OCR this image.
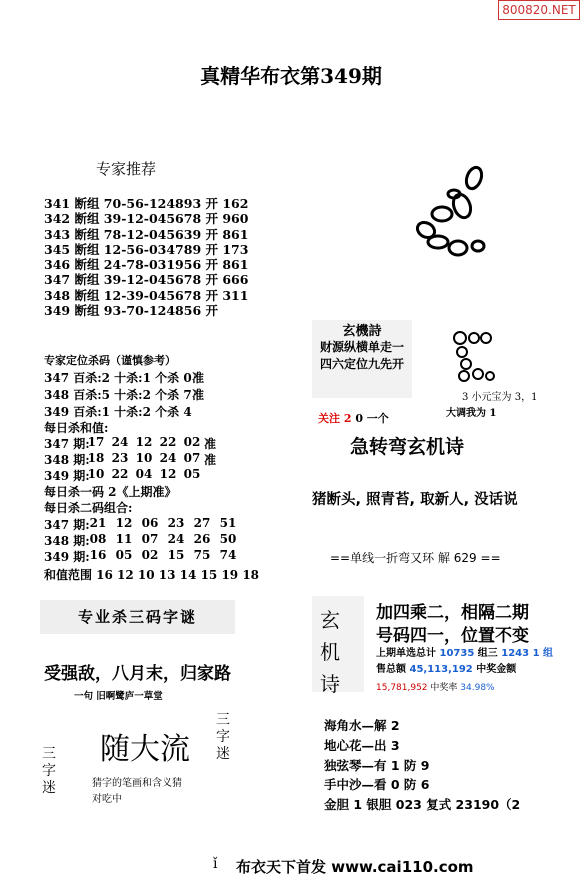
800820.NET
真精华布衣第349期
专家推荐
341 断组 70-56-124893 开 162
342 断组 39-12-045678 开 960
343 断组 78-12-045639 开 861
345 断组 12-56-034789 开 173
346 断组 24-78-031956 开 861
347 断组 39-12-045678 开 666
348 断组 12-39-045678 开 311
349 断组 93-70-124856 开
专家定位杀码（谨慎参考）
347 百杀:2 十杀:1 个杀 0 准
348 百杀:5 十杀:2 个杀 7 准
349 百杀:1 十杀:2 个杀 4
每日杀和值:
347 期:
17 24 12 22 02 准
348 期:
18 23 10 24 07 准
349 期:
10 22 04 12 05
每日杀一码 2《上期准》
每日杀二码组合:
347 期: 21 12 06 23 27 51
348 期: 08 11 07 24 26 50
349 期: 16 05 02 15 75 74
和值范围 16 12 10 13 14 15 19 18
专业杀三码字谜
受强敌，八月末，归家路
一句 旧啊鹭庐一草堂
随大流
三字迷
三字迷	猜字的笔画和含义猜
对吃中
玄機詩
财源纵横单走一
四六定位九先开
3 小元宝为 3，1
大调我为 1
关注 2 0 一个
急转弯玄机诗
猪断头, 照青苔, 取新人, 没话说
==单线一折弯又环 解 629 ==
玄机诗
加四乘二，相隔二期
号码四一，位置不变
上期单选总计 10735 组三 1243 1 组
售总额 45,113,192 中奖金额
15,781,952 中奖率 34.98%
海角水—解 2
地心花—出 3
独弦琴—有 1 防 9
手中沙—看 0 防 6
金胆 1 银胆 023 复式 23190（2
ǐ 布衣天下首发 www.cai110.com
